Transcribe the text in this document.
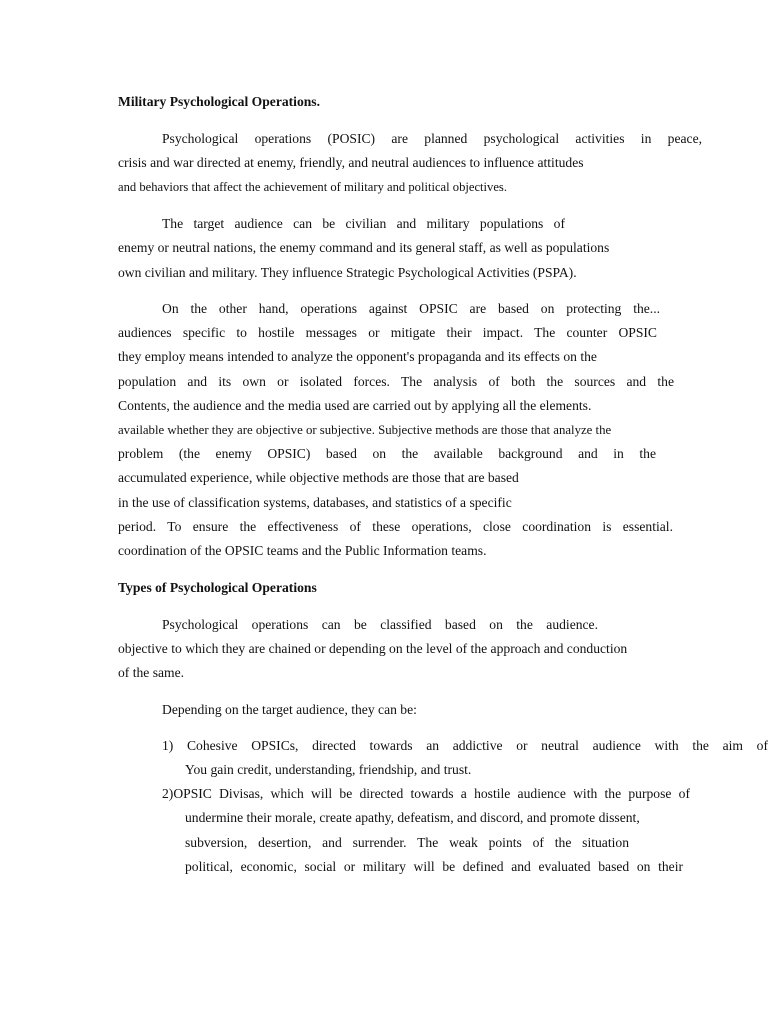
Military Psychological Operations.
Psychological operations (POSIC) are planned psychological activities in peace,
crisis and war directed at enemy, friendly, and neutral audiences to influence attitudes
and behaviors that affect the achievement of military and political objectives.
The target audience can be civilian and military populations of
enemy or neutral nations, the enemy command and its general staff, as well as populations
own civilian and military. They influence Strategic Psychological Activities (PSPA).
On the other hand, operations against OPSIC are based on protecting the...
audiences specific to hostile messages or mitigate their impact. The counter OPSIC
they employ means intended to analyze the opponent's propaganda and its effects on the
population and its own or isolated forces. The analysis of both the sources and the
Contents, the audience and the media used are carried out by applying all the elements.
available whether they are objective or subjective. Subjective methods are those that analyze the
problem (the enemy OPSIC) based on the available background and in the
accumulated experience, while objective methods are those that are based
in the use of classification systems, databases, and statistics of a specific
period. To ensure the effectiveness of these operations, close coordination is essential.
coordination of the OPSIC teams and the Public Information teams.
Types of Psychological Operations
Psychological operations can be classified based on the audience.
objective to which they are chained or depending on the level of the approach and conduction
of the same.
Depending on the target audience, they can be:
1) Cohesive OPSICs, directed towards an addictive or neutral audience with the aim of
You gain credit, understanding, friendship, and trust.
2)OPSIC Divisas, which will be directed towards a hostile audience with the purpose of
undermine their morale, create apathy, defeatism, and discord, and promote dissent,
subversion, desertion, and surrender. The weak points of the situation
political, economic, social or military will be defined and evaluated based on their
